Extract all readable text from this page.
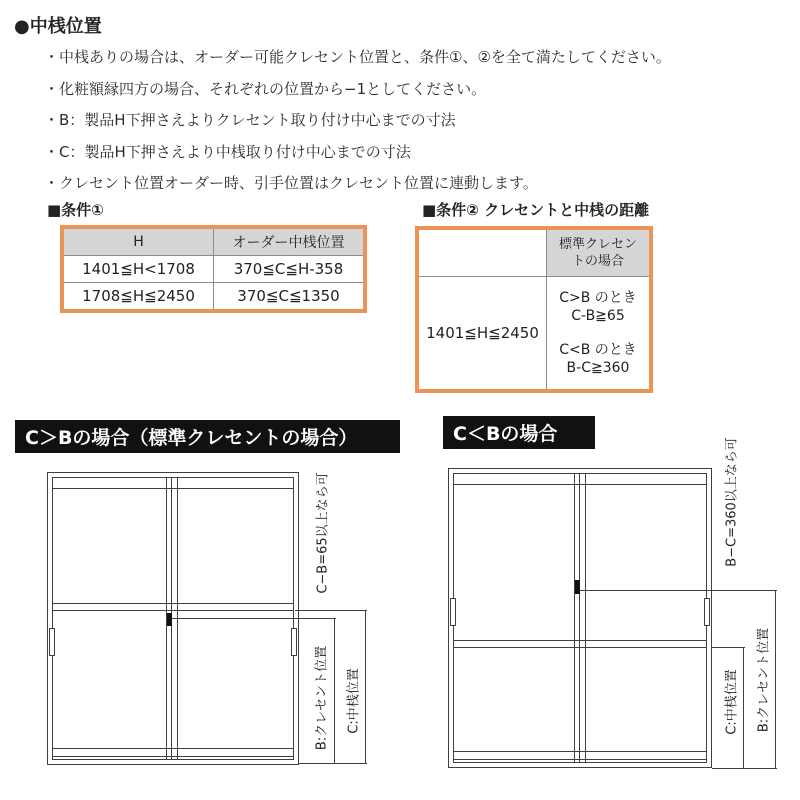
●中桟位置

・中桟ありの場合は、オーダー可能クレセント位置と、条件①、②を全て満たしてください。

・化粧額縁四方の場合、それぞれの位置から−1としてください。

・B：製品H下押さえよりクレセント取り付け中心までの寸法

・C：製品H下押さえより中桟取り付け中心までの寸法

・クレセント位置オーダー時、引手位置はクレセント位置に連動します。

■条件①	■条件② クレセントと中桟の距離
H	オーダー中桟位置
1401≦H<1708	370≦C≦H-358
1708≦H≦2450	370≦C≦1350
	標準クレセントの場合
1401≦H≦2450	C>B のとき
C-B≧65
C<B のとき
B-C≧360
C＞Bの場合（標準クレセントの場合）	C＜Bの場合
C−B=65以上なら可
B:クレセント位置	C:中桟位置
B−C=360以上なら可
C:中桟位置	B:クレセント位置
